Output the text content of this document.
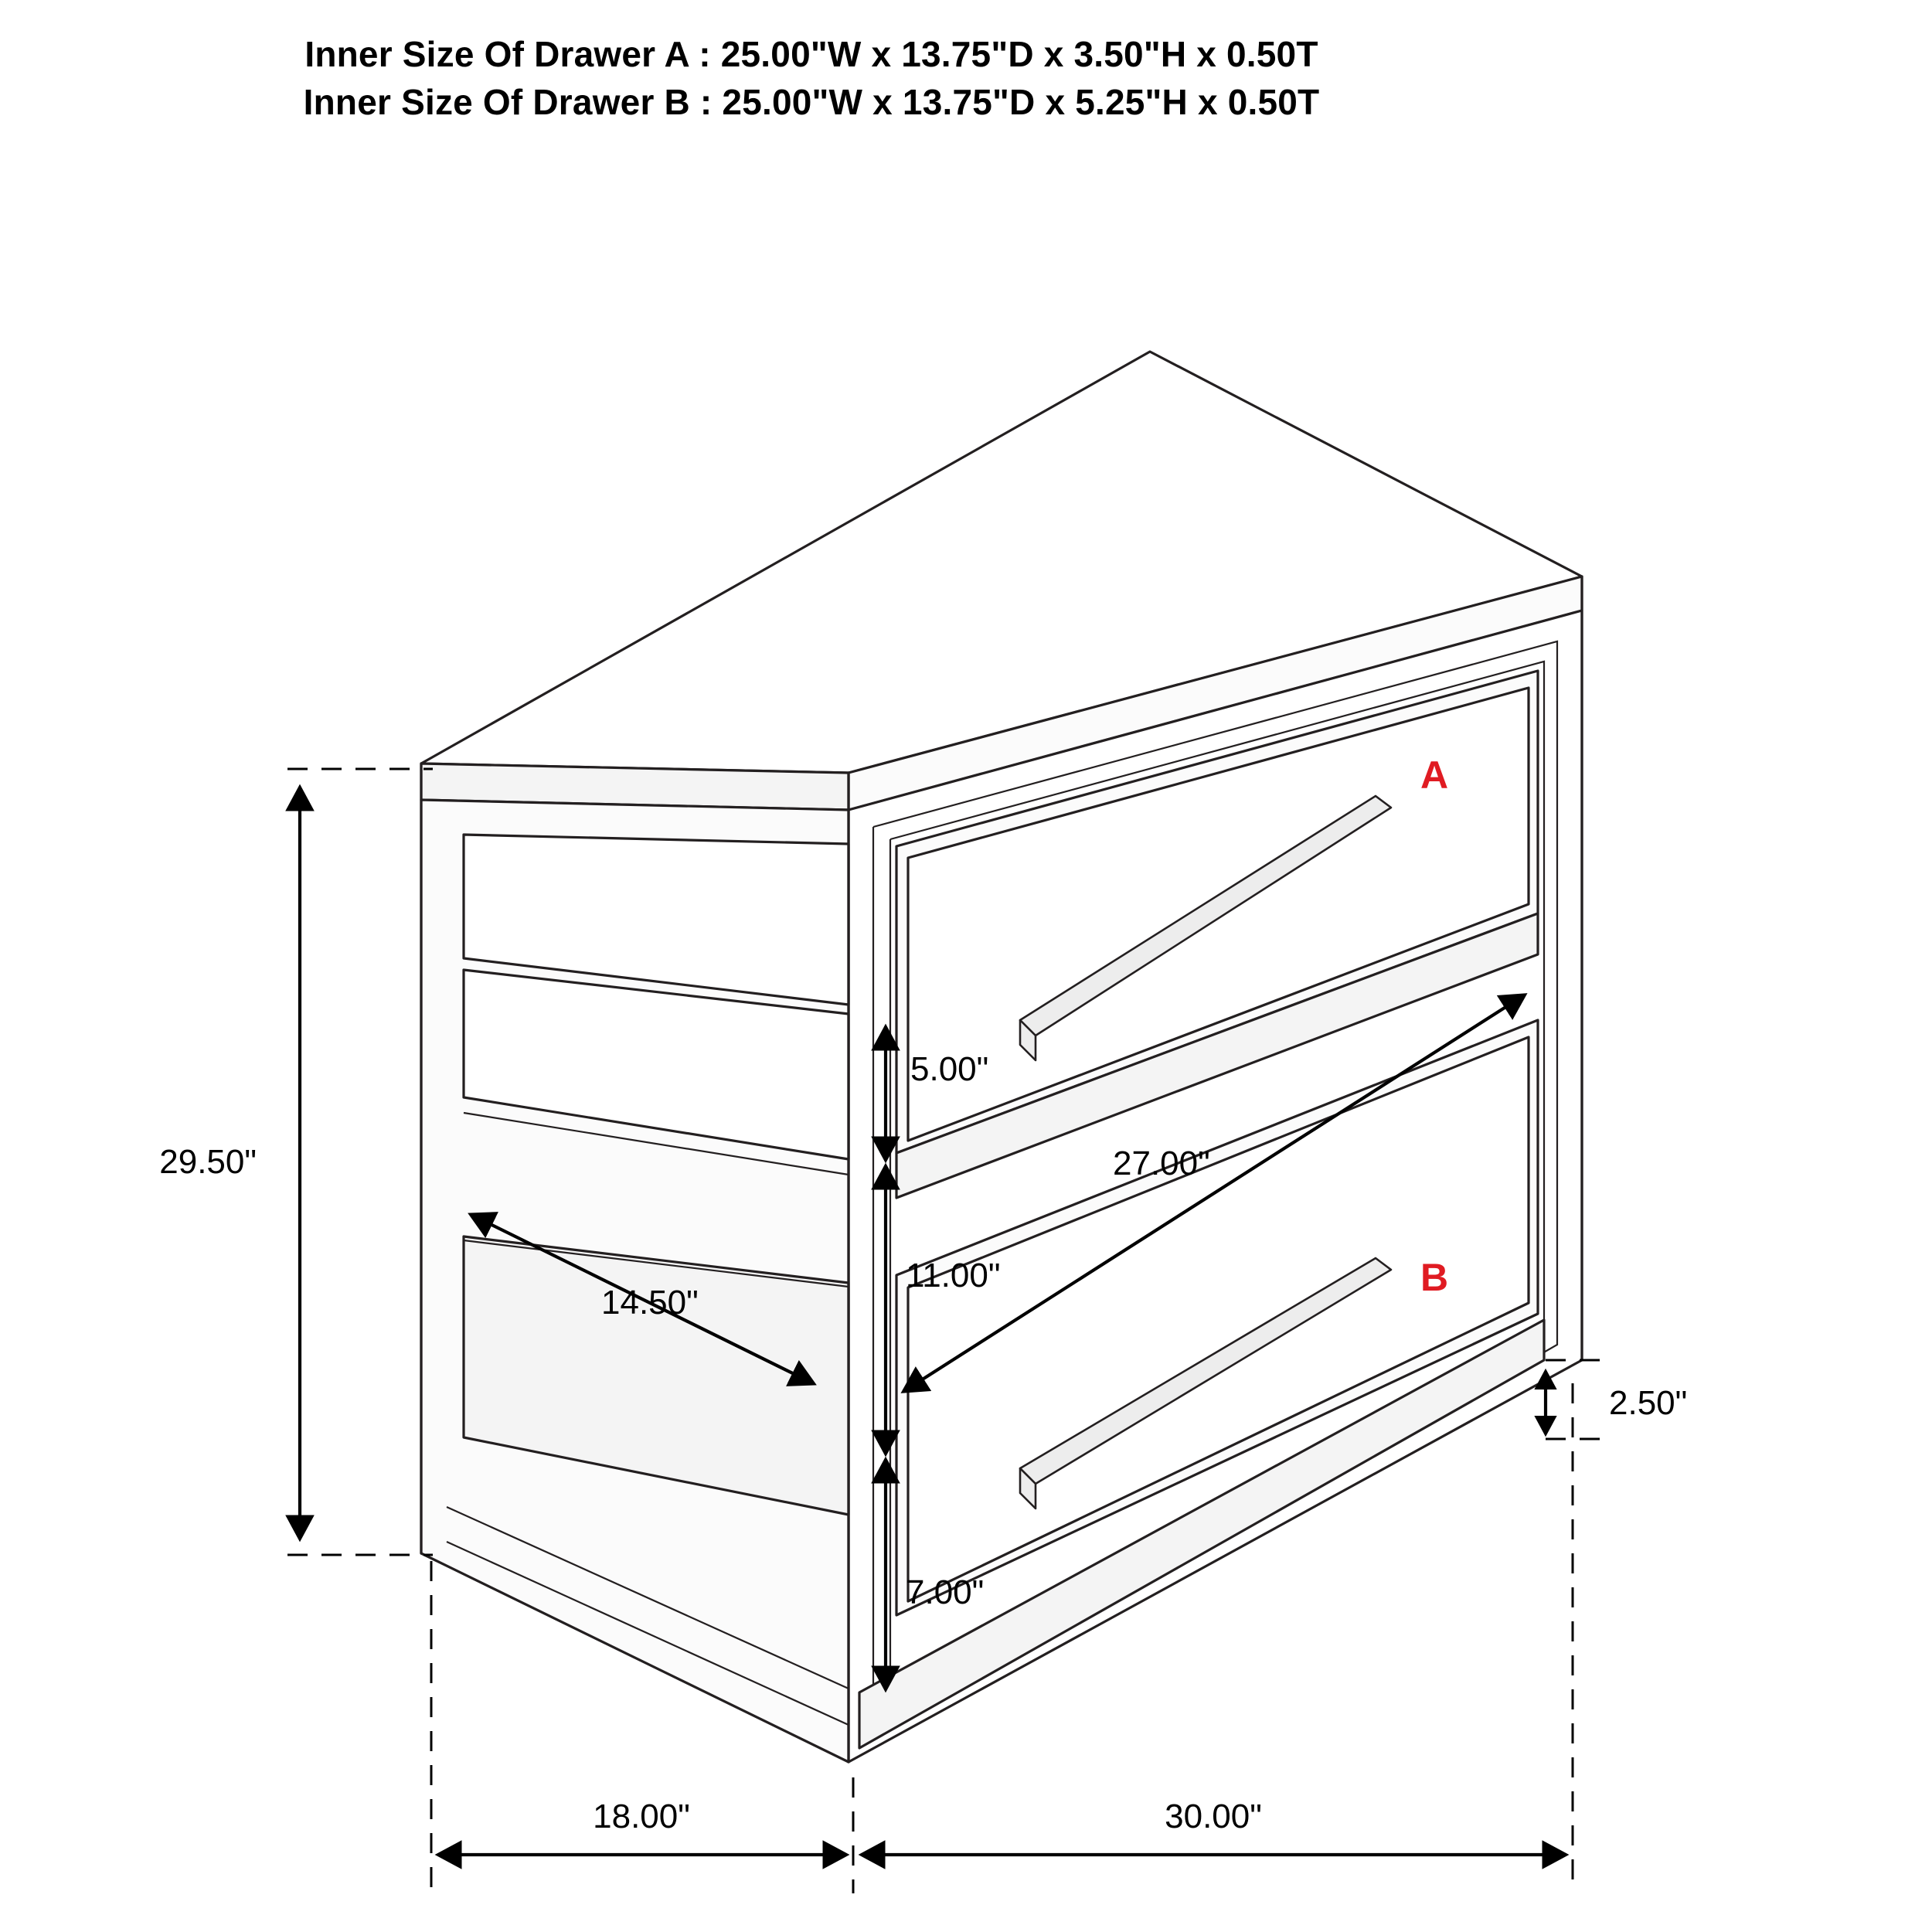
Inner Size Of Drawer A : 25.00"W x 13.75"D x 3.50"H x 0.50T
Inner Size Of Drawer B : 25.00"W x 13.75"D x 5.25"H x 0.50T
29.50"
5.00"
11.00"
7.00"
2.50"
27.00"
14.50"
18.00"	30.00"
A
B
